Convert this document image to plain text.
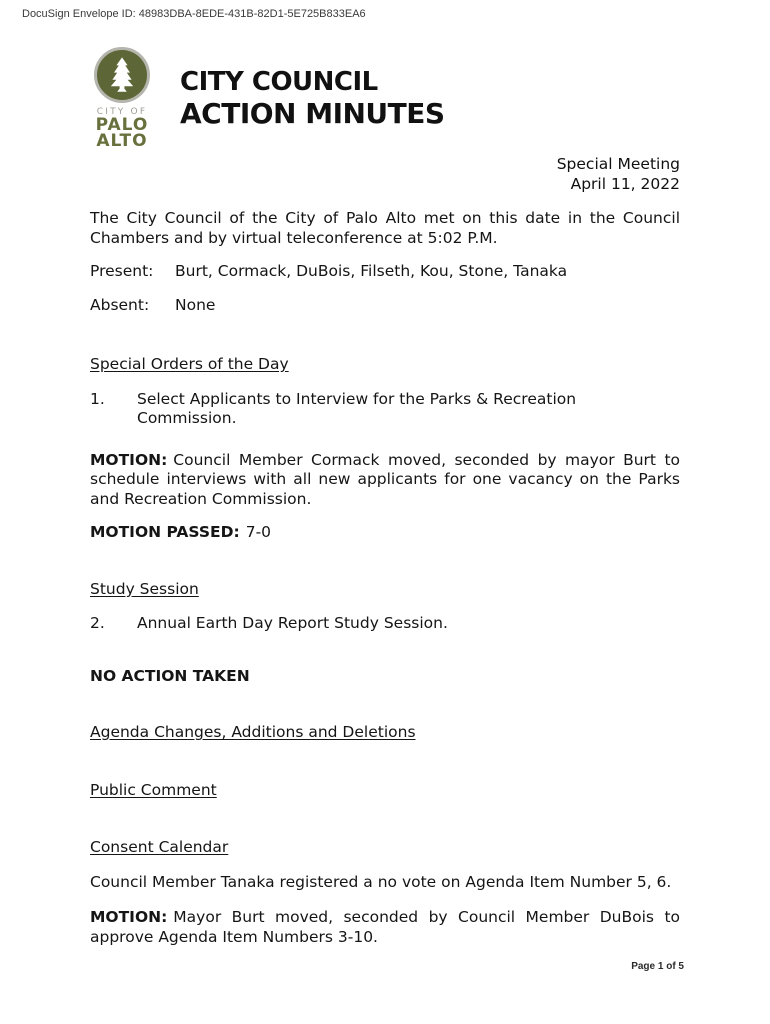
DocuSign Envelope ID: 48983DBA-8EDE-431B-82D1-5E725B833EA6
CITY OF
PALO
ALTO
CITY COUNCIL
ACTION MINUTES
Special Meeting
April 11, 2022

The City Council of the City of Palo Alto met on this date in the Council Chambers and by virtual teleconference at 5:02 P.M.

Present:	Burt, Cormack, DuBois, Filseth, Kou, Stone, Tanaka
Absent:	None
Special Orders of the Day
1.	Select Applicants to Interview for the Parks & Recreation Commission.

MOTION: Council Member Cormack moved, seconded by mayor Burt to schedule interviews with all new applicants for one vacancy on the Parks and Recreation Commission.

MOTION PASSED: 7-0

Study Session
2.	Annual Earth Day Report Study Session.
NO ACTION TAKEN
Agenda Changes, Additions and Deletions
Public Comment
Consent Calendar

Council Member Tanaka registered a no vote on Agenda Item Number 5, 6.

MOTION: Mayor Burt moved, seconded by Council Member DuBois to approve Agenda Item Numbers 3-10.

Page 1 of 5
